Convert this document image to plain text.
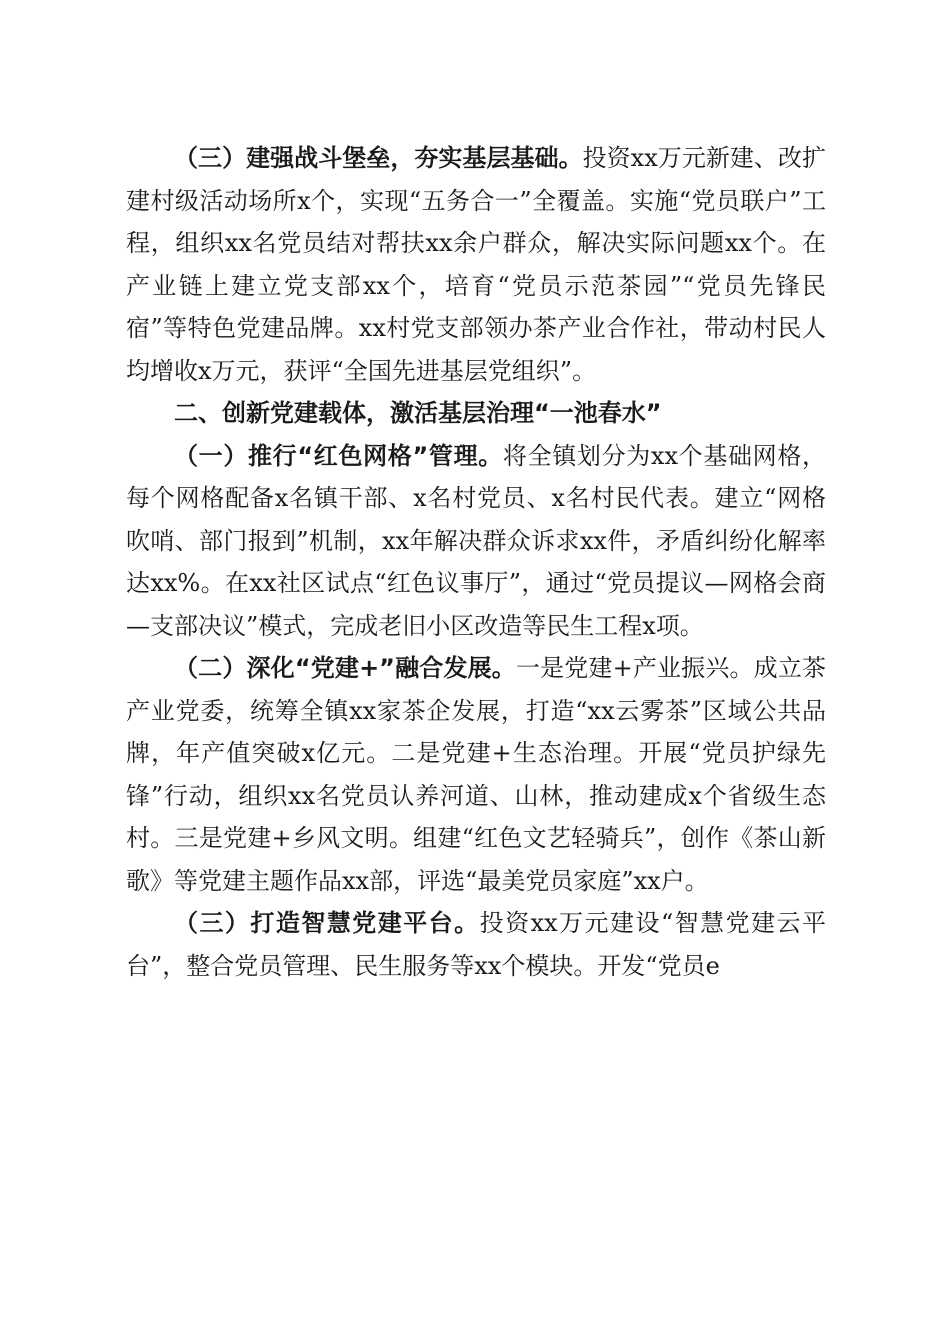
（三）建强战斗堡垒，夯实基层基础。投资xx万元新建、改扩建村级活动场所x个，实现“五务合一”全覆盖。实施“党员联户”工程，组织xx名党员结对帮扶xx余户群众，解决实际问题xx个。在产业链上建立党支部xx个，培育“党员示范茶园”“党员先锋民宿”等特色党建品牌。xx村党支部领办茶产业合作社，带动村民人均增收x万元，获评“全国先进基层党组织”。

二、创新党建载体，激活基层治理“一池春水”

（一）推行“红色网格”管理。将全镇划分为xx个基础网格，每个网格配备x名镇干部、x名村党员、x名村民代表。建立“网格吹哨、部门报到”机制，xx年解决群众诉求xx件，矛盾纠纷化解率达xx%。在xx社区试点“红色议事厅”，通过“党员提议—网格会商—支部决议”模式，完成老旧小区改造等民生工程x项。

（二）深化“党建+”融合发展。一是党建+产业振兴。成立茶产业党委，统筹全镇xx家茶企发展，打造“xx云雾茶”区域公共品牌，年产值突破x亿元。二是党建+生态治理。开展“党员护绿先锋”行动，组织xx名党员认养河道、山林，推动建成x个省级生态村。三是党建+乡风文明。组建“红色文艺轻骑兵”，创作《茶山新歌》等党建主题作品xx部，评选“最美党员家庭”xx户。

（三）打造智慧党建平台。投资xx万元建设“智慧党建云平台”，整合党员管理、民生服务等xx个模块。开发“党员e
